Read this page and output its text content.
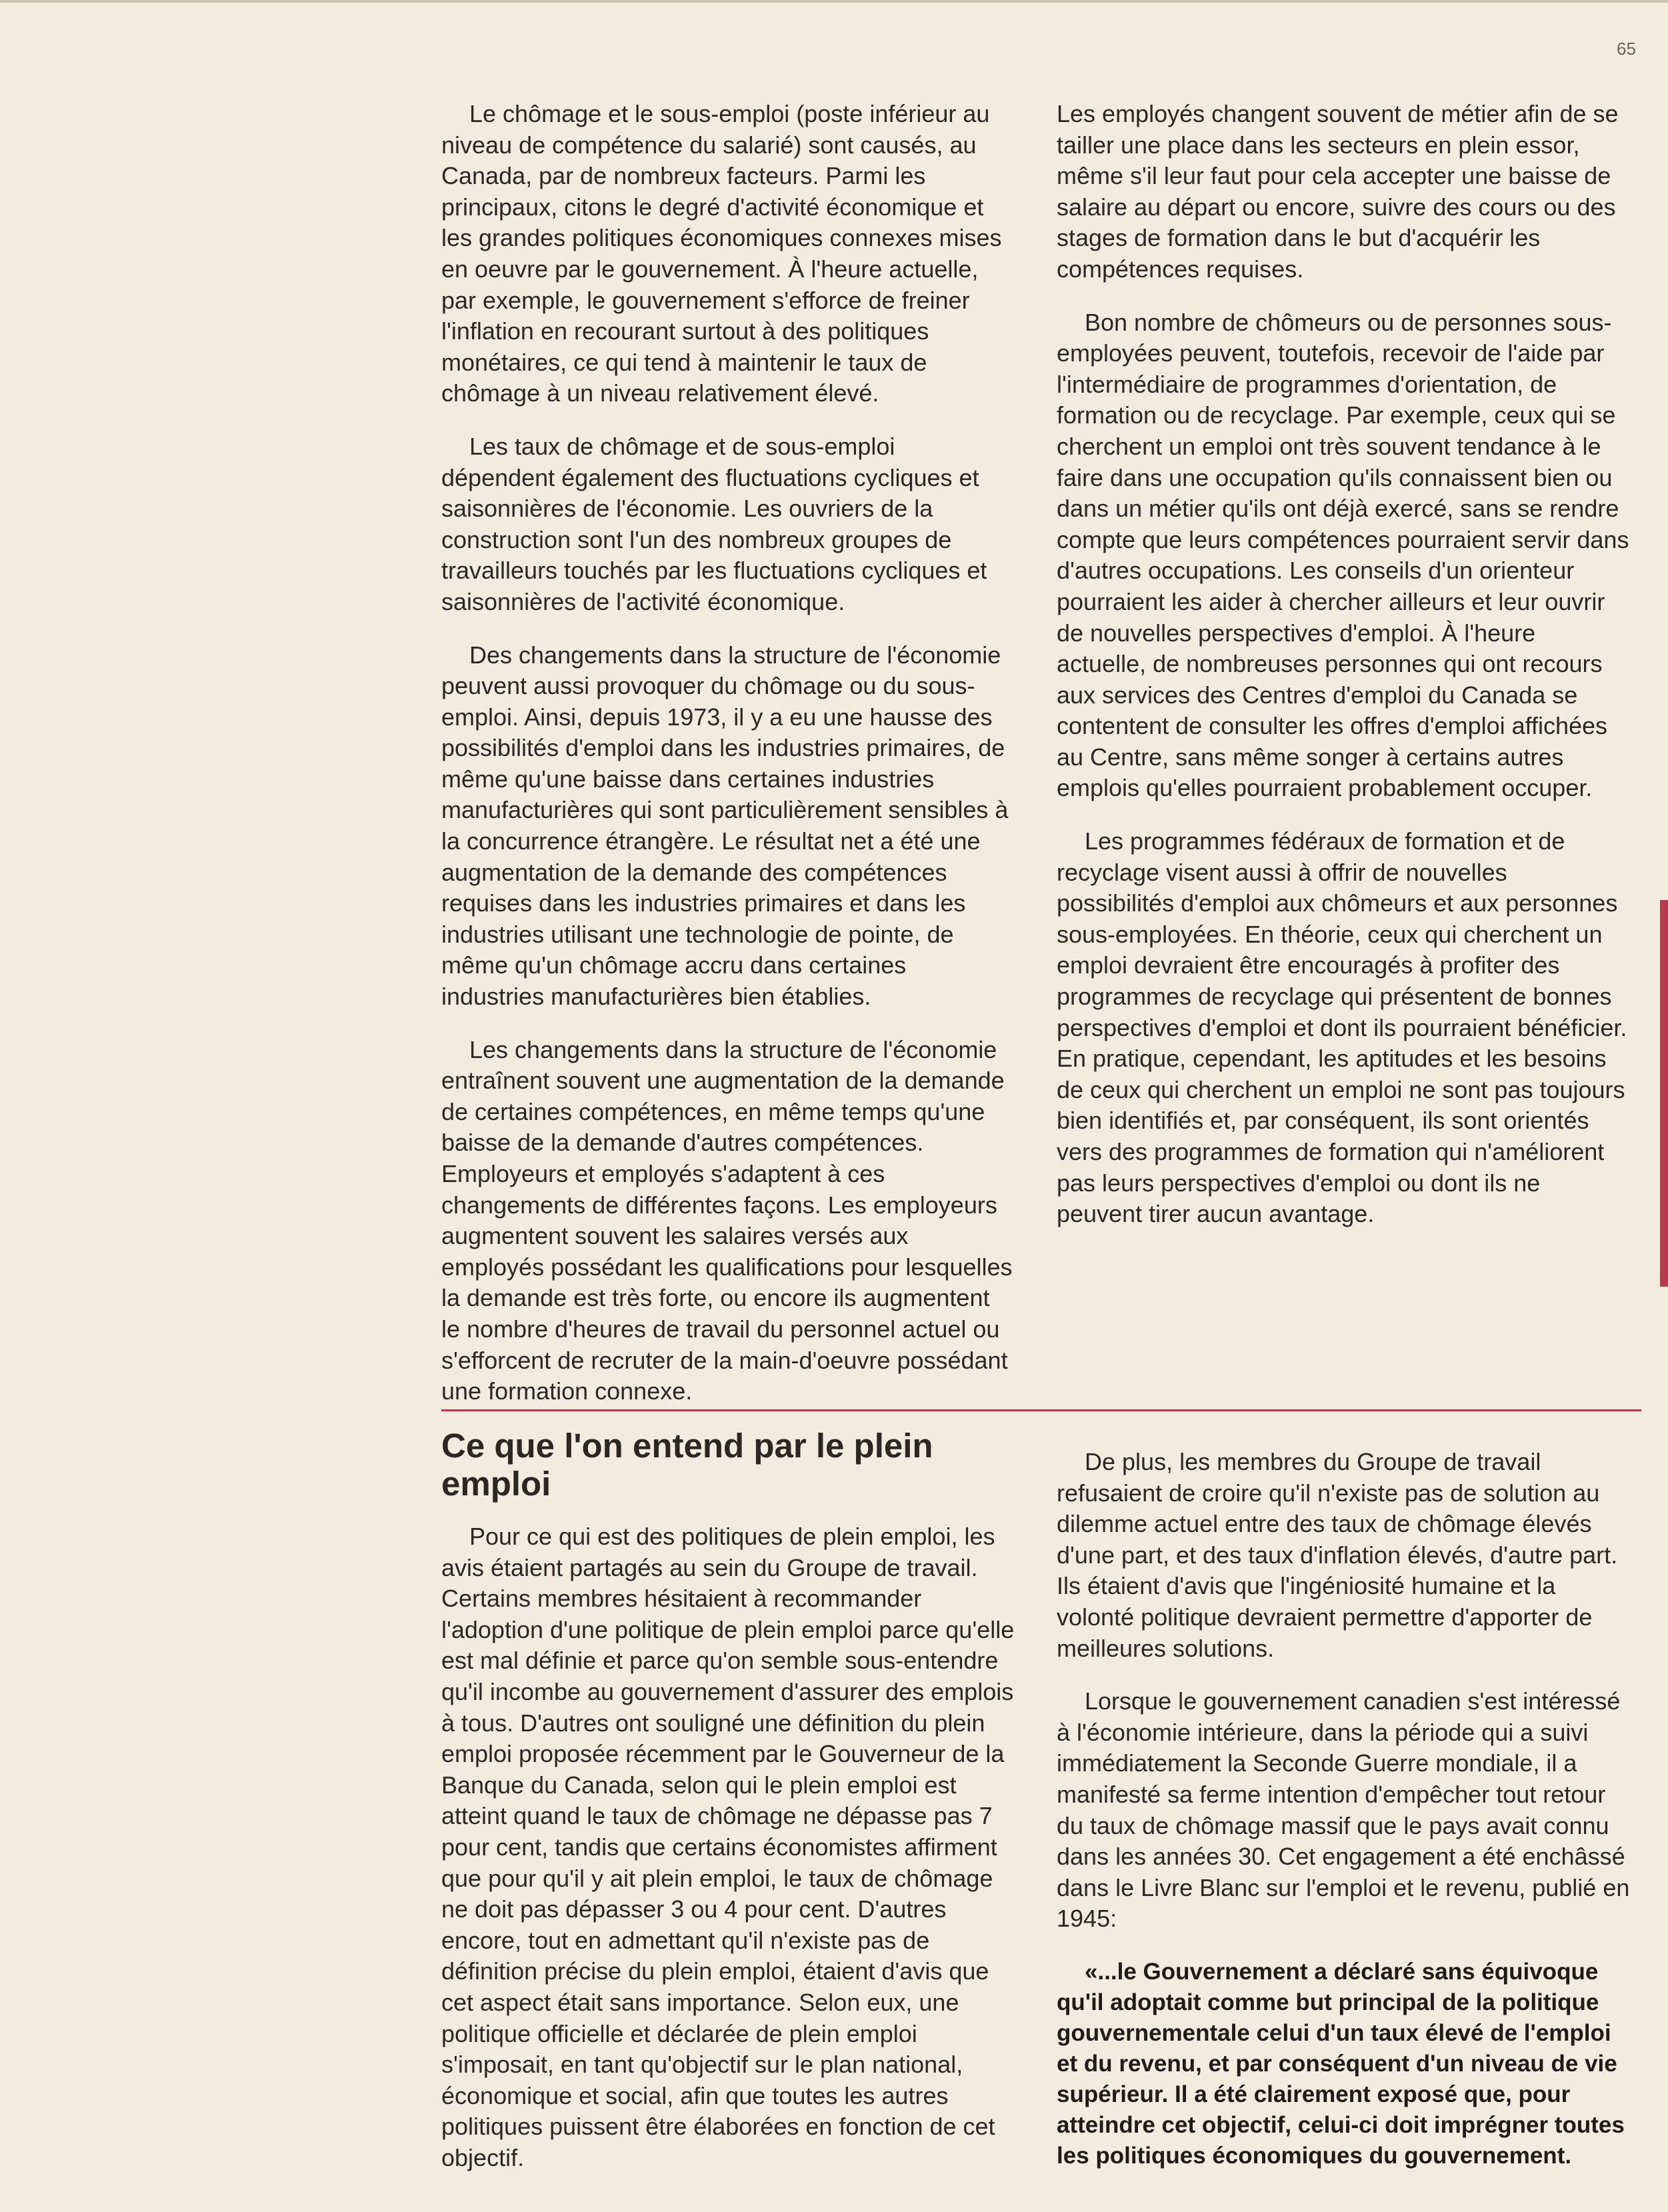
65

Le chômage et le sous-emploi (poste inférieur au niveau de compétence du salarié) sont causés, au Canada, par de nombreux facteurs. Parmi les principaux, citons le degré d'activité économique et les grandes politiques économiques connexes mises en oeuvre par le gouvernement. À l'heure actuelle, par exemple, le gouvernement s'efforce de freiner l'inflation en recourant surtout à des politiques monétaires, ce qui tend à maintenir le taux de chômage à un niveau relativement élevé.

Les taux de chômage et de sous-emploi dépendent également des fluctuations cycliques et saisonnières de l'économie. Les ouvriers de la construction sont l'un des nombreux groupes de travailleurs touchés par les fluctuations cycliques et saisonnières de l'activité économique.

Des changements dans la structure de l'économie peuvent aussi provoquer du chômage ou du sous-emploi. Ainsi, depuis 1973, il y a eu une hausse des possibilités d'emploi dans les industries primaires, de même qu'une baisse dans certaines industries manufacturières qui sont particulièrement sensibles à la concurrence étrangère. Le résultat net a été une augmentation de la demande des compétences requises dans les industries primaires et dans les industries utilisant une technologie de pointe, de même qu'un chômage accru dans certaines industries manufacturières bien établies.

Les changements dans la structure de l'économie entraînent souvent une augmentation de la demande de certaines compétences, en même temps qu'une baisse de la demande d'autres compétences. Employeurs et employés s'adaptent à ces changements de différentes façons. Les employeurs augmentent souvent les salaires versés aux employés possédant les qualifications pour lesquelles la demande est très forte, ou encore ils augmentent le nombre d'heures de travail du personnel actuel ou s'efforcent de recruter de la main-d'oeuvre possédant une formation connexe.

Les employés changent souvent de métier afin de se tailler une place dans les secteurs en plein essor, même s'il leur faut pour cela accepter une baisse de salaire au départ ou encore, suivre des cours ou des stages de formation dans le but d'acquérir les compétences requises.

Bon nombre de chômeurs ou de personnes sous-employées peuvent, toutefois, recevoir de l'aide par l'intermédiaire de programmes d'orientation, de formation ou de recyclage. Par exemple, ceux qui se cherchent un emploi ont très souvent tendance à le faire dans une occupation qu'ils connaissent bien ou dans un métier qu'ils ont déjà exercé, sans se rendre compte que leurs compétences pourraient servir dans d'autres occupations. Les conseils d'un orienteur pourraient les aider à chercher ailleurs et leur ouvrir de nouvelles perspectives d'emploi. À l'heure actuelle, de nombreuses personnes qui ont recours aux services des Centres d'emploi du Canada se contentent de consulter les offres d'emploi affichées au Centre, sans même songer à certains autres emplois qu'elles pourraient probablement occuper.

Les programmes fédéraux de formation et de recyclage visent aussi à offrir de nouvelles possibilités d'emploi aux chômeurs et aux personnes sous-employées. En théorie, ceux qui cherchent un emploi devraient être encouragés à profiter des programmes de recyclage qui présentent de bonnes perspectives d'emploi et dont ils pourraient bénéficier. En pratique, cependant, les aptitudes et les besoins de ceux qui cherchent un emploi ne sont pas toujours bien identifiés et, par conséquent, ils sont orientés vers des programmes de formation qui n'améliorent pas leurs perspectives d'emploi ou dont ils ne peuvent tirer aucun avantage.

Ce que l'on entend par le plein emploi

Pour ce qui est des politiques de plein emploi, les avis étaient partagés au sein du Groupe de travail. Certains membres hésitaient à recommander l'adoption d'une politique de plein emploi parce qu'elle est mal définie et parce qu'on semble sous-entendre qu'il incombe au gouvernement d'assurer des emplois à tous. D'autres ont souligné une définition du plein emploi proposée récemment par le Gouverneur de la Banque du Canada, selon qui le plein emploi est atteint quand le taux de chômage ne dépasse pas 7 pour cent, tandis que certains économistes affirment que pour qu'il y ait plein emploi, le taux de chômage ne doit pas dépasser 3 ou 4 pour cent. D'autres encore, tout en admettant qu'il n'existe pas de définition précise du plein emploi, étaient d'avis que cet aspect était sans importance. Selon eux, une politique officielle et déclarée de plein emploi s'imposait, en tant qu'objectif sur le plan national, économique et social, afin que toutes les autres politiques puissent être élaborées en fonction de cet objectif.

De plus, les membres du Groupe de travail refusaient de croire qu'il n'existe pas de solution au dilemme actuel entre des taux de chômage élevés d'une part, et des taux d'inflation élevés, d'autre part. Ils étaient d'avis que l'ingéniosité humaine et la volonté politique devraient permettre d'apporter de meilleures solutions.

Lorsque le gouvernement canadien s'est intéressé à l'économie intérieure, dans la période qui a suivi immédiatement la Seconde Guerre mondiale, il a manifesté sa ferme intention d'empêcher tout retour du taux de chômage massif que le pays avait connu dans les années 30. Cet engagement a été enchâssé dans le Livre Blanc sur l'emploi et le revenu, publié en 1945:

«...le Gouvernement a déclaré sans équivoque qu'il adoptait comme but principal de la politique gouvernementale celui d'un taux élevé de l'emploi et du revenu, et par conséquent d'un niveau de vie supérieur. Il a été clairement exposé que, pour atteindre cet objectif, celui-ci doit imprégner toutes les politiques économiques du gouvernement.
